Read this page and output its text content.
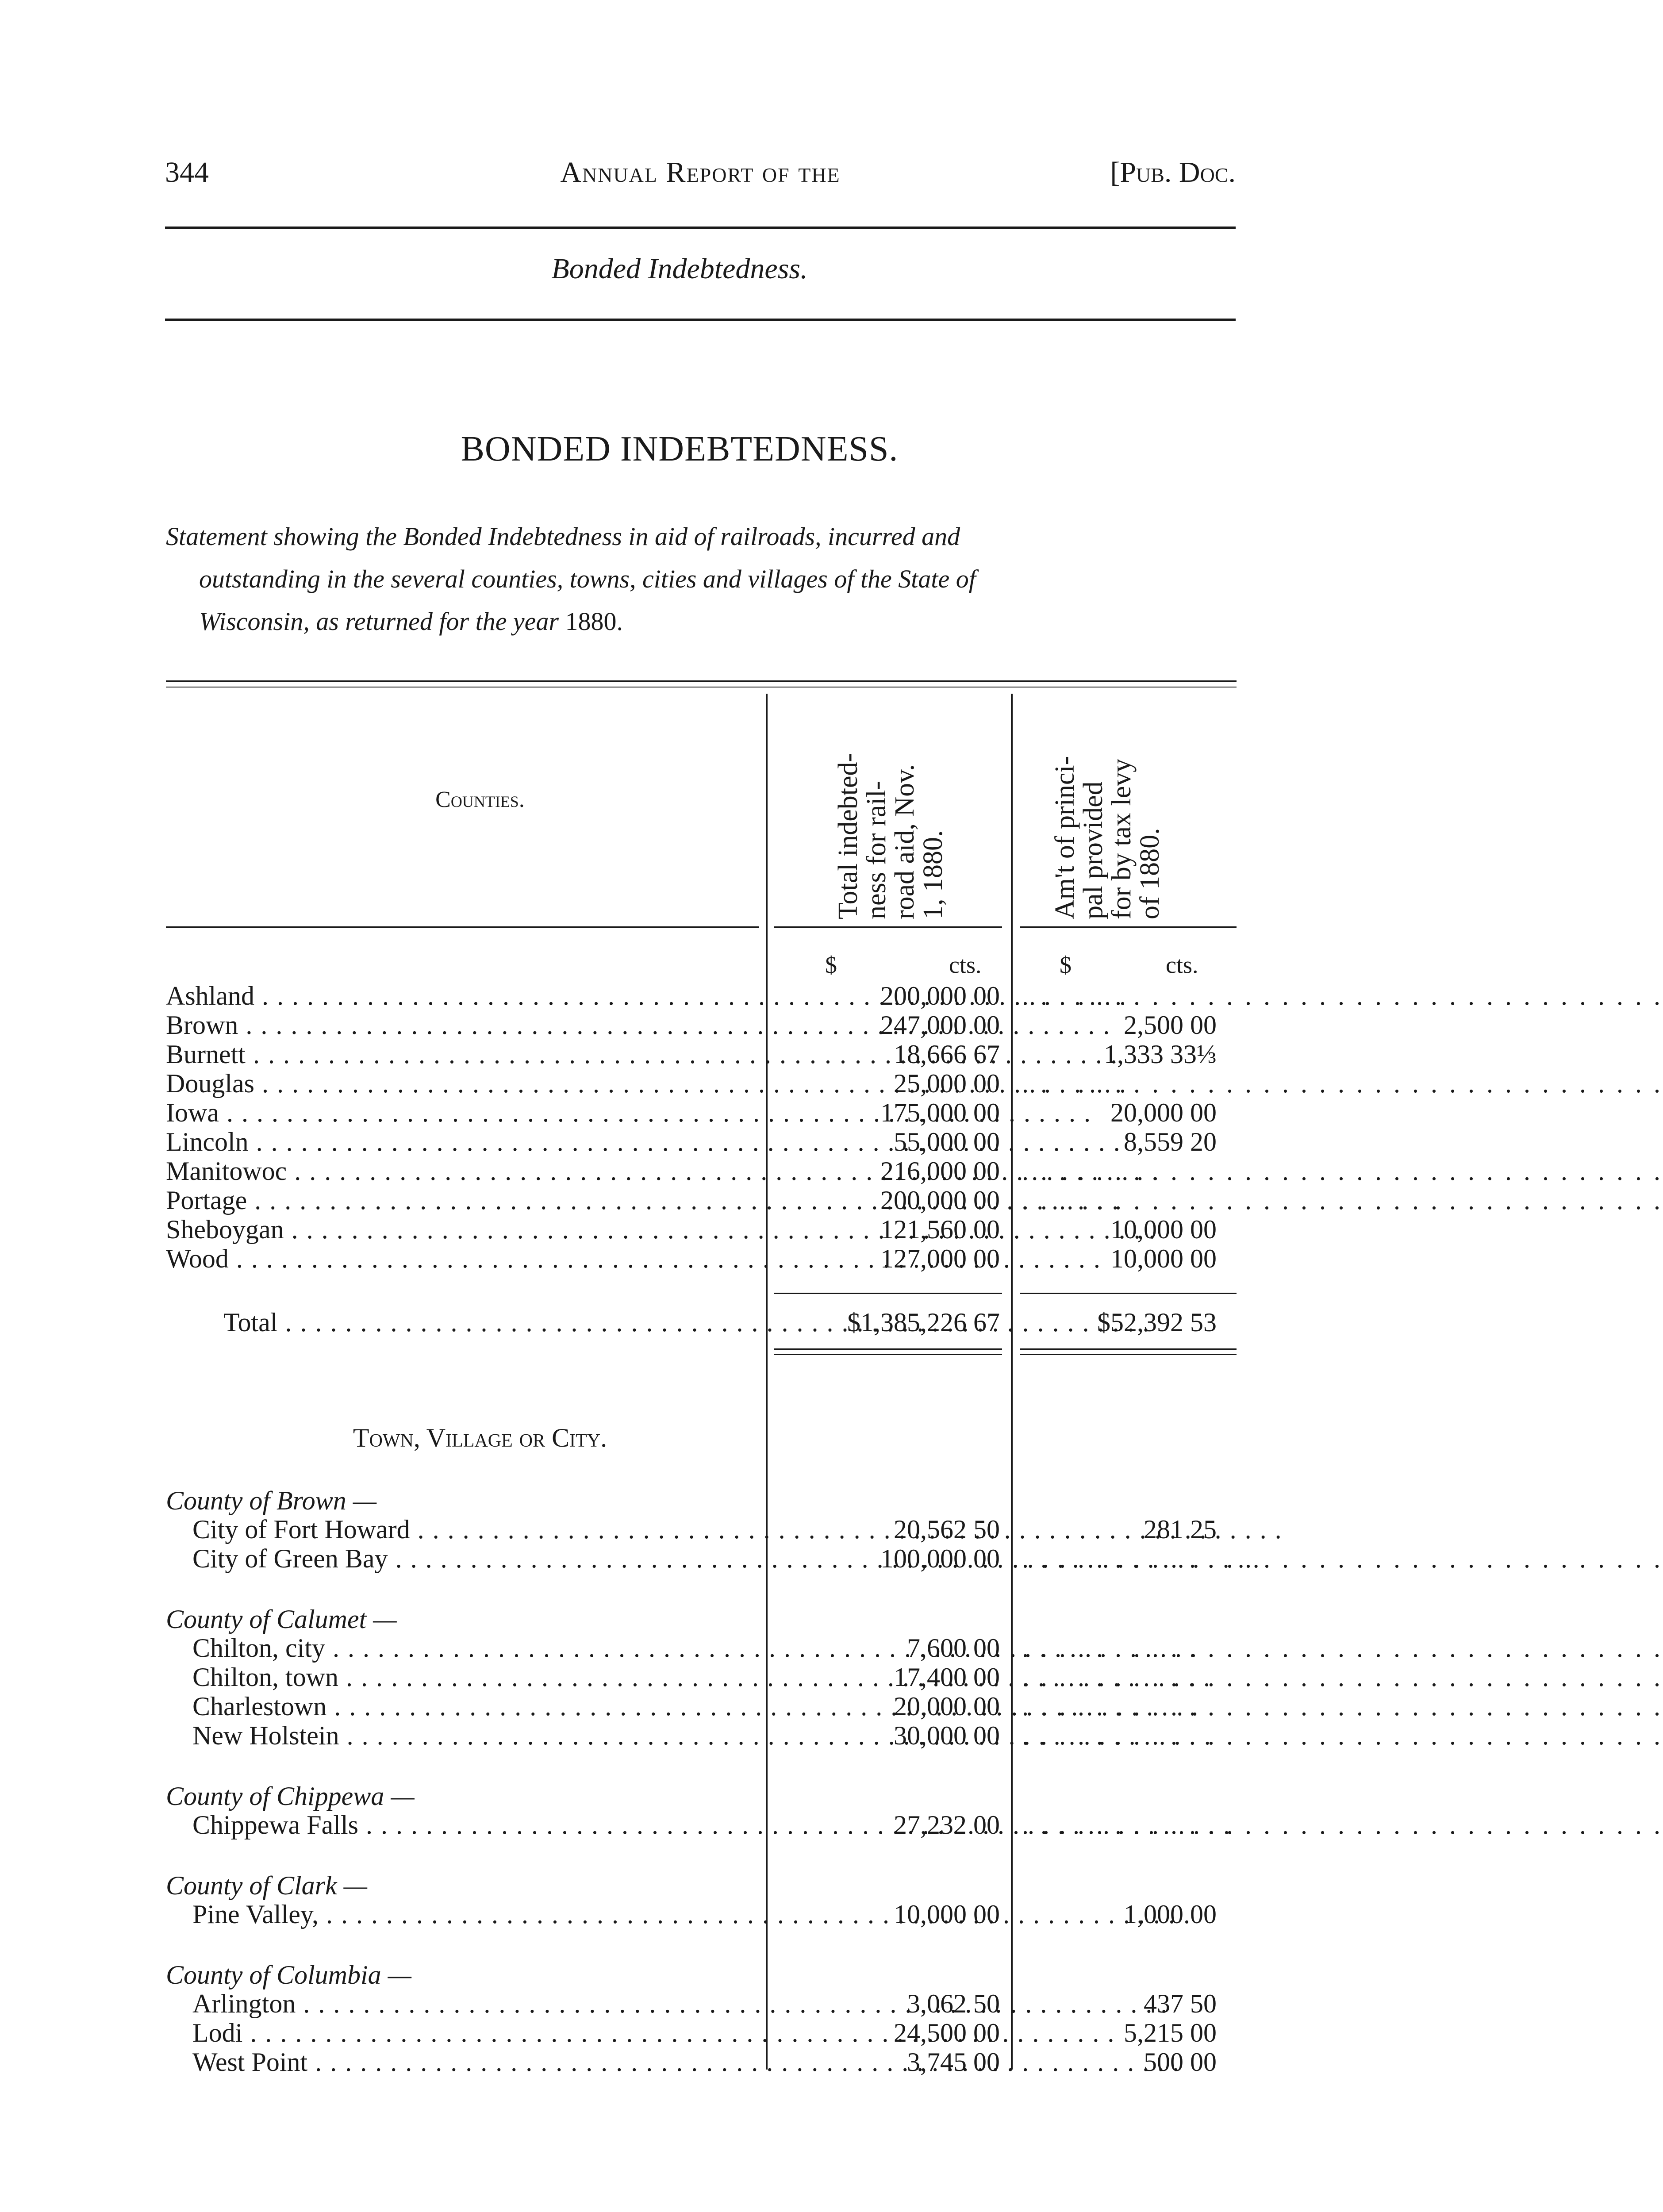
344	Annual Report of the	[Pub. Doc.
Bonded Indebtedness.
BONDED INDEBTEDNESS.
Statement showing the Bonded Indebtedness in aid of railroads, incurred and
outstanding in the several counties, towns, cities and villages of the State of
Wisconsin, as returned for the year 1880.
Counties.	Total indebted-
ness for rail-
road aid, Nov.
1, 1880.	Am't of princi-
pal provided
for by tax levy
of 1880.
$	cts.	$	cts.
Ashland . . .	200,000 00 . . . . . . . . . . . . . . . . . . . . . . . . . . . . . . . . . . .
Brown . . .	247,000 00	2,500 00
Burnett . . .	18,666 67	1,333 33⅓
Douglas . . .	25,000 00 . . . . . . . . . . . . . . . . . . . . . . . . . . . . . . . . . . .
Iowa . . .	175,000 00	20,000 00
Lincoln . . .	55,000 00	8,559 20
Manitowoc . . .	216,000 00 . . . . . . . . . . . . . . . . . . . . . . . . . . . . . . . . . . .
Portage . . .	200,000 00 . . . . . . . . . . . . . . . . . . . . . . . . . . . . . . . . . . .
Sheboygan . . .	121,560 00	10,000 00
Wood . . .	127,000 00	10,000 00
Total . . .	$1,385,226 67	$52,392 53
Town, Village or City.
County of Brown —
City of Fort Howard . . .	20,562 50	281 25
City of Green Bay . . .	100,000 00 . . . . . . . . . . . . . . . . . . . . . . . . . . . . . . . . . . .
County of Calumet —
Chilton, city . . .	7,600 00 . . . . . . . . . . . . . . . . . . . . . . . . . . . . . . . . . . .
Chilton, town . . .	17,400 00 . . . . . . . . . . . . . . . . . . . . . . . . . . . . . . . . . . .
Charlestown . . .	20,000 00 . . . . . . . . . . . . . . . . . . . . . . . . . . . . . . . . . . .
New Holstein . . .	30,000 00 . . . . . . . . . . . . . . . . . . . . . . . . . . . . . . . . . . .
County of Chippewa —
Chippewa Falls . . .	27,232 00 . . . . . . . . . . . . . . . . . . . . . . . . . . . . . . . . . . .
County of Clark —
Pine Valley, . . .	10,000 00	1,000 00
County of Columbia —
Arlington . . .	3,062 50	437 50
Lodi . . .	24,500 00	5,215 00
West Point . . .	3,745 00	500 00
